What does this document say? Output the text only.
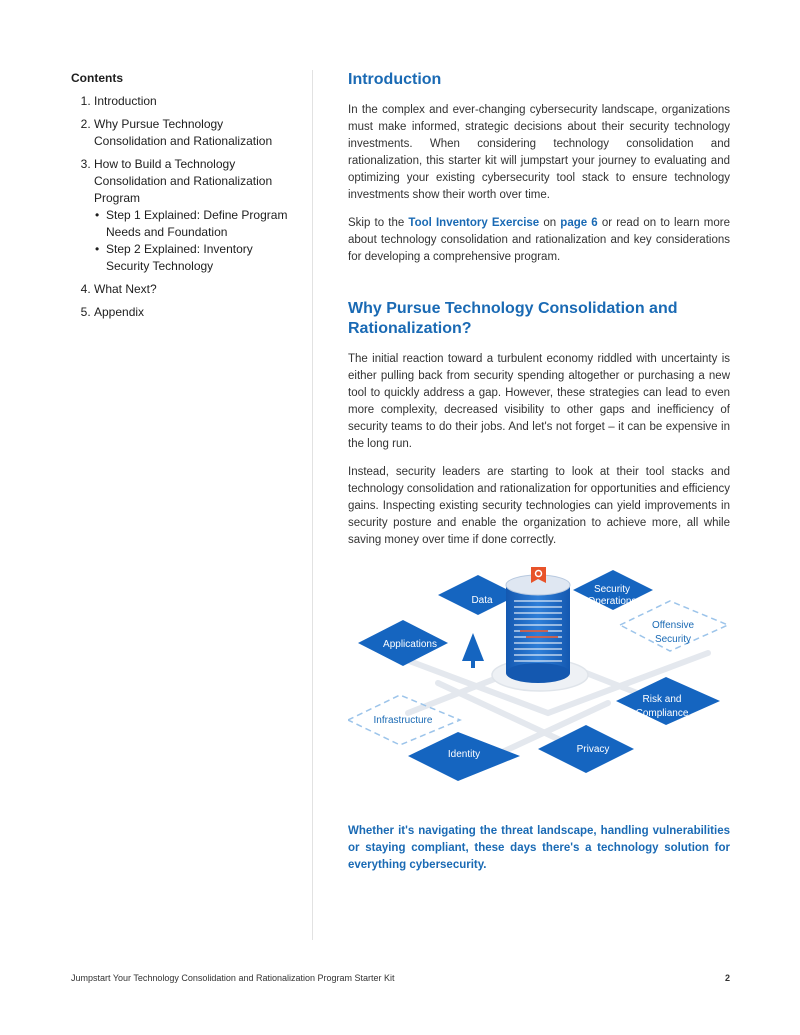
Contents
1. Introduction
2. Why Pursue Technology Consolidation and Rationalization
3. How to Build a Technology Consolidation and Rationalization Program
• Step 1 Explained: Define Program Needs and Foundation
• Step 2 Explained: Inventory Security Technology
4. What Next?
5. Appendix
Introduction

In the complex and ever-changing cybersecurity landscape, organizations must make informed, strategic decisions about their security technology investments. When considering technology consolidation and rationalization, this starter kit will jumpstart your journey to evaluating and optimizing your existing cybersecurity tool stack to ensure technology investments show their worth over time.

Skip to the Tool Inventory Exercise on page 6 or read on to learn more about technology consolidation and rationalization and key considerations for developing a comprehensive program.

Why Pursue Technology Consolidation and Rationalization?

The initial reaction toward a turbulent economy riddled with uncertainty is either pulling back from security spending altogether or purchasing a new tool to quickly address a gap. However, these strategies can lead to even more complexity, decreased visibility to other gaps and inefficiency of security teams to do their jobs. And let's not forget – it can be expensive in the long run.

Instead, security leaders are starting to look at their tool stacks and technology consolidation and rationalization for opportunities and efficiency gains. Inspecting existing security technologies can yield improvements in security posture and enable the organization to achieve more, all while saving money over time if done correctly.

Data
Security
Operations
Applications
Offensive
Security
Risk and
Compliance
Infrastructure
Privacy
Identity
Whether it's navigating the threat landscape, handling vulnerabilities or staying compliant, these days there's a technology solution for everything cybersecurity.
Jumpstart Your Technology Consolidation and Rationalization Program Starter Kit	2
